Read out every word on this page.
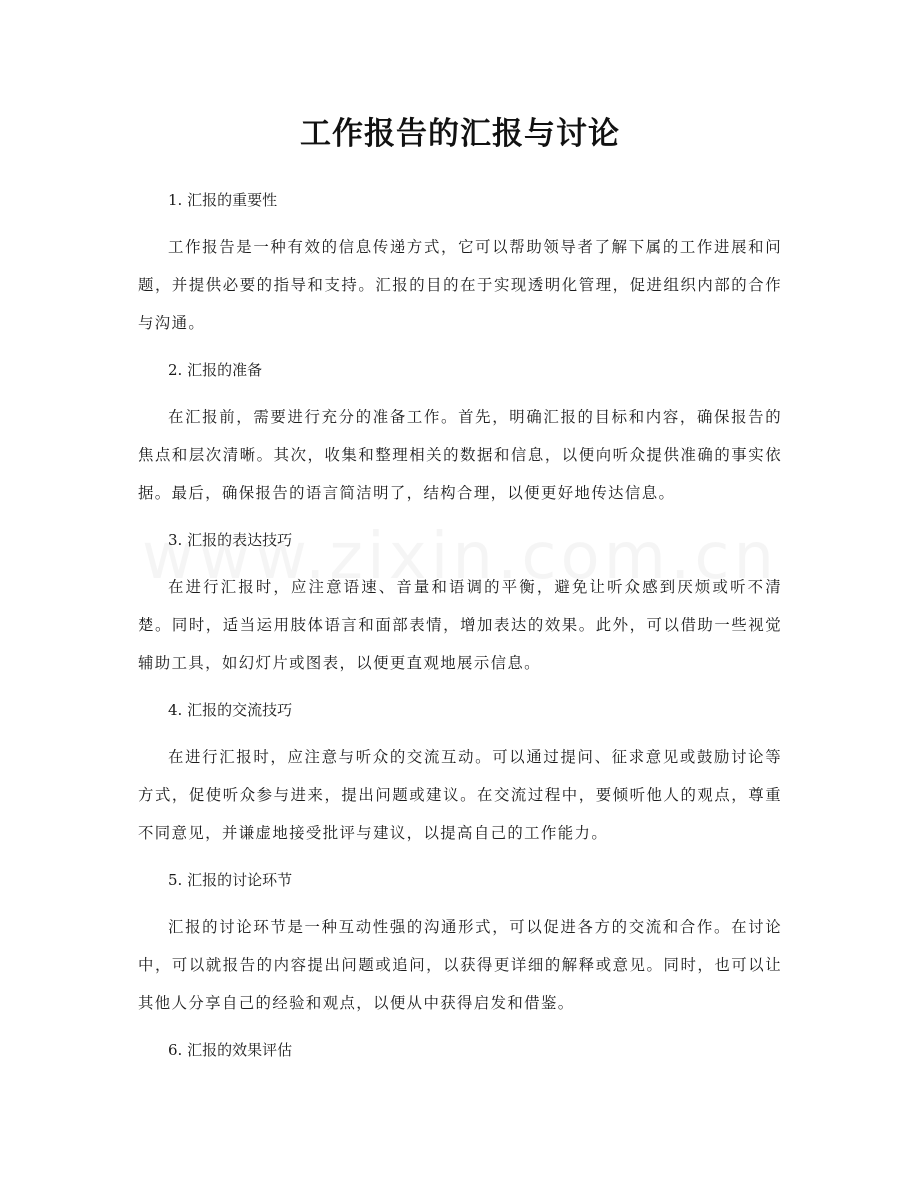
工作报告的汇报与讨论

1. 汇报的重要性

工作报告是一种有效的信息传递方式，它可以帮助领导者了解下属的工作进展和问题，并提供必要的指导和支持。汇报的目的在于实现透明化管理，促进组织内部的合作与沟通。

2. 汇报的准备

在汇报前，需要进行充分的准备工作。首先，明确汇报的目标和内容，确保报告的焦点和层次清晰。其次，收集和整理相关的数据和信息，以便向听众提供准确的事实依据。最后，确保报告的语言简洁明了，结构合理，以便更好地传达信息。

3. 汇报的表达技巧

在进行汇报时，应注意语速、音量和语调的平衡，避免让听众感到厌烦或听不清楚。同时，适当运用肢体语言和面部表情，增加表达的效果。此外，可以借助一些视觉辅助工具，如幻灯片或图表，以便更直观地展示信息。

4. 汇报的交流技巧

在进行汇报时，应注意与听众的交流互动。可以通过提问、征求意见或鼓励讨论等方式，促使听众参与进来，提出问题或建议。在交流过程中，要倾听他人的观点，尊重不同意见，并谦虚地接受批评与建议，以提高自己的工作能力。

5. 汇报的讨论环节

汇报的讨论环节是一种互动性强的沟通形式，可以促进各方的交流和合作。在讨论中，可以就报告的内容提出问题或追问，以获得更详细的解释或意见。同时，也可以让其他人分享自己的经验和观点，以便从中获得启发和借鉴。

6. 汇报的效果评估
